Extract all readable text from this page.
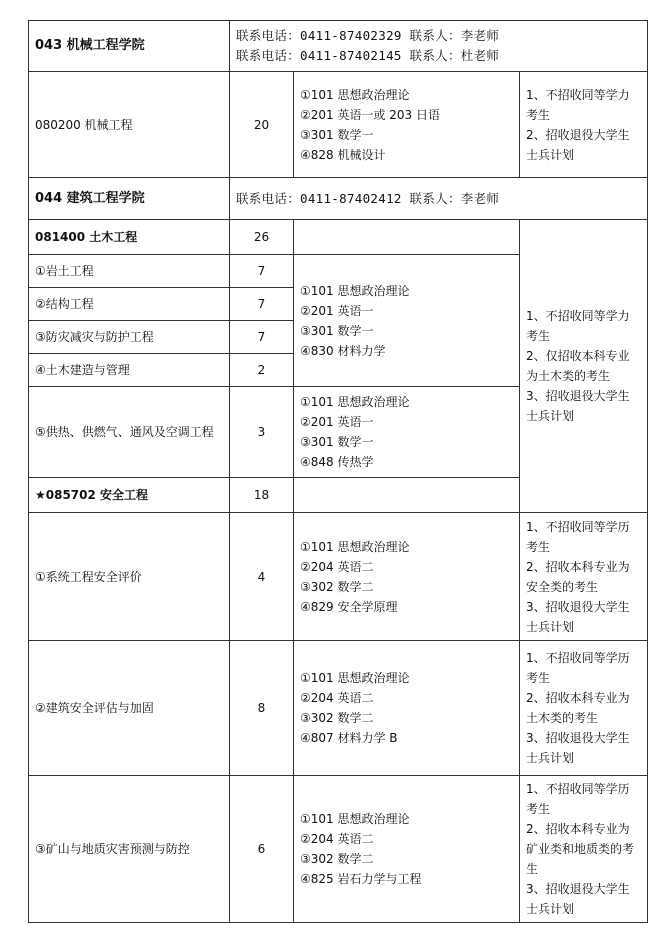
043 机械工程学院	联系电话：0411-87402329 联系人：李老师
联系电话：0411-87402145 联系人：杜老师		

080200 机械工程	20	①101 思想政治理论
②201 英语一或 203 日语
③301 数学一
④828 机械设计	1、不招收同等学力考生
2、招收退役大学生士兵计划
044 建筑工程学院	联系电话：0411-87402412 联系人：李老师		

081400 土木工程	26		1、不招收同等学力考生
2、仅招收本科专业为土木类的考生
3、招收退役大学生士兵计划
①岩土工程	7	①101 思想政治理论
②201 英语一
③301 数学一
④830 材料力学	

②结构工程	7		
③防灾减灾与防护工程	7		
④土木建造与管理	2		
⑤供热、供燃气、通风及空调工程	3	①101 思想政治理论
②201 英语一
③301 数学一
④848 传热学	

★085702 安全工程	18		
①系统工程安全评价	4	①101 思想政治理论
②204 英语二
③302 数学二
④829 安全学原理	1、不招收同等学历考生
2、招收本科专业为安全类的考生
3、招收退役大学生士兵计划
②建筑安全评估与加固	8	①101 思想政治理论
②204 英语二
③302 数学二
④807 材料力学 B	1、不招收同等学历考生
2、招收本科专业为土木类的考生
3、招收退役大学生士兵计划
③矿山与地质灾害预测与防控	6	①101 思想政治理论
②204 英语二
③302 数学二
④825 岩石力学与工程	1、不招收同等学历考生
2、招收本科专业为矿业类和地质类的考生
3、招收退役大学生士兵计划
